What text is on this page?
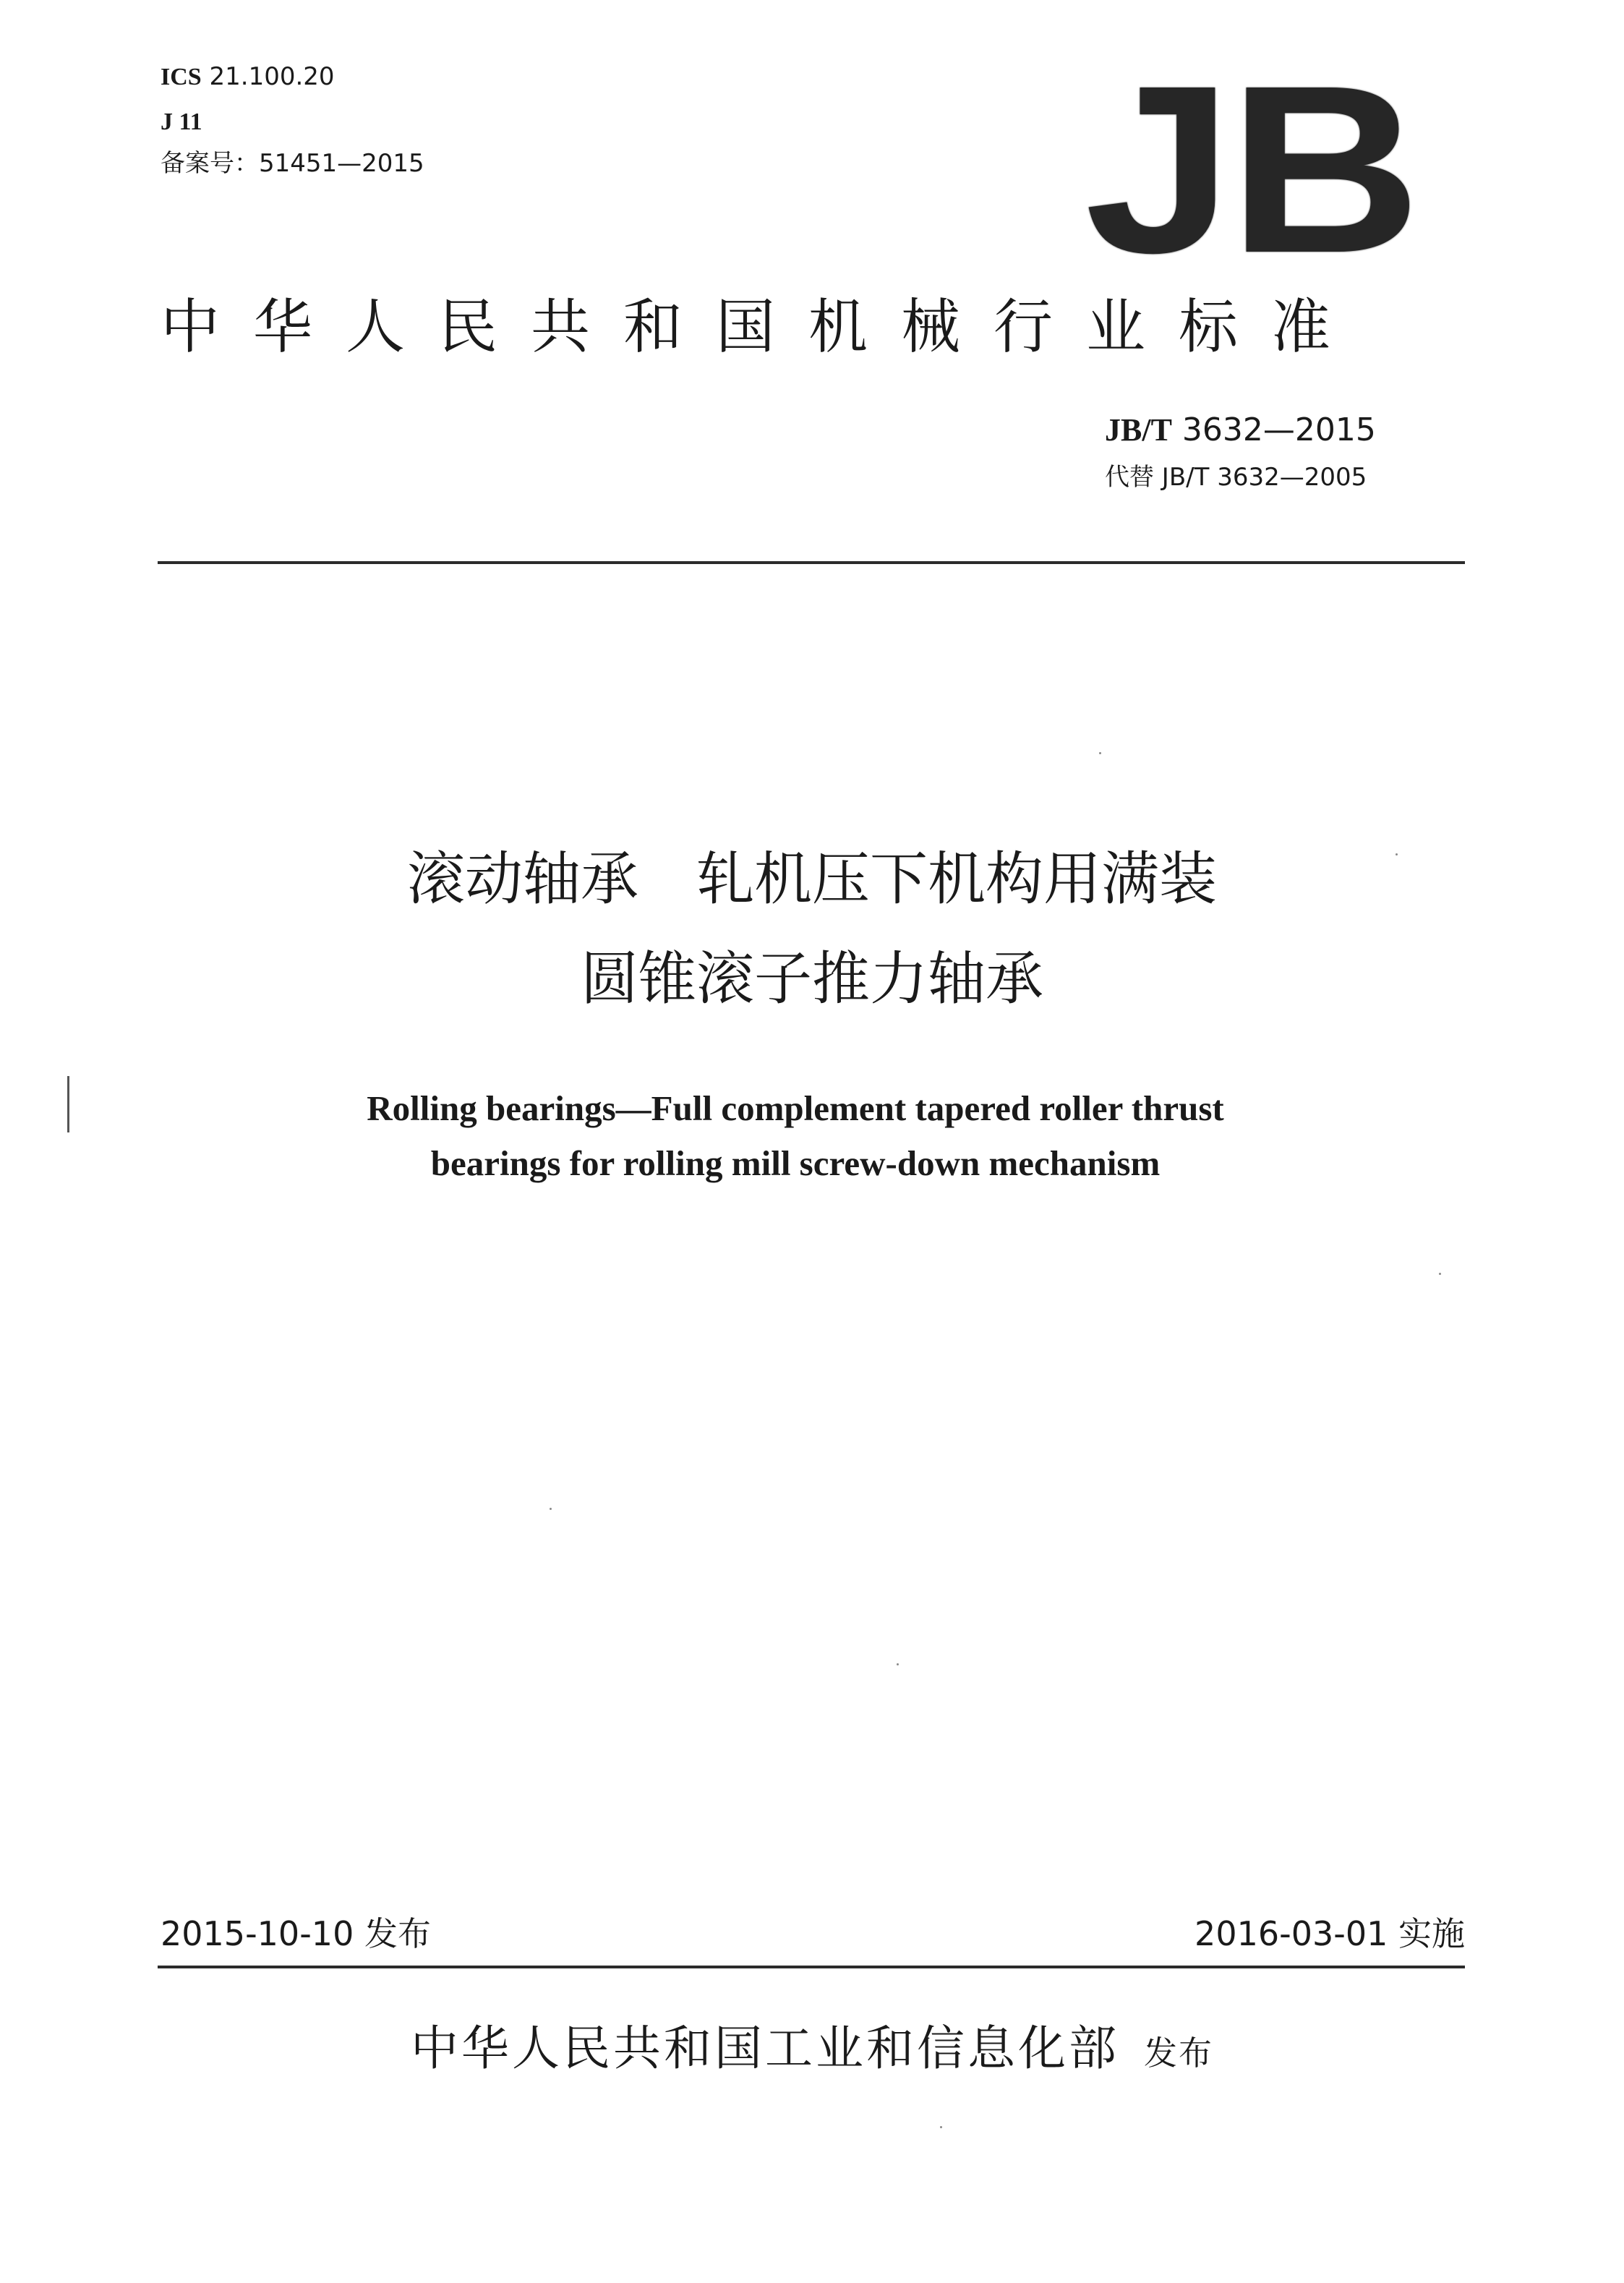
ICS 21.100.20
J 11
备案号：51451—2015	JB
中华人民共和国机械行业标准
JB/T 3632—2015
代替 JB/T 3632—2005
滚动轴承　轧机压下机构用满装
圆锥滚子推力轴承
Rolling bearings—Full complement tapered roller thrust
bearings for rolling mill screw-down mechanism
2015-10-10 发布	2016-03-01 实施
中华人民共和国工业和信息化部 发布
